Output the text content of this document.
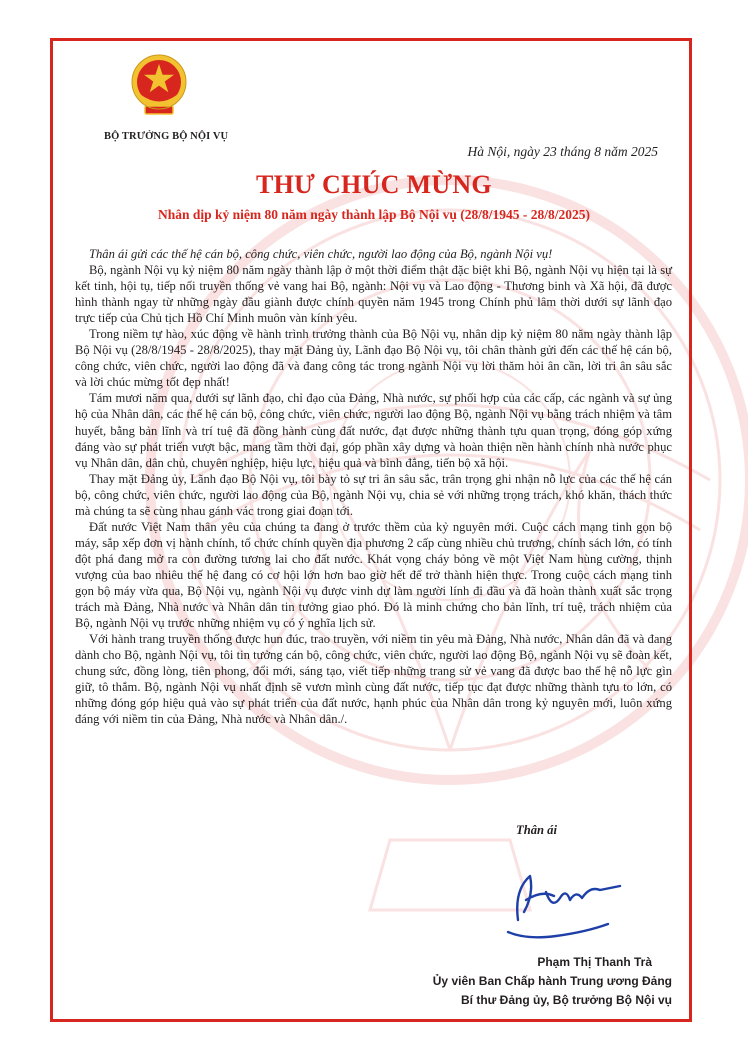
BỘ TRƯỞNG BỘ NỘI VỤ
Hà Nội, ngày 23 tháng 8 năm 2025
THƯ CHÚC MỪNG
Nhân dịp kỷ niệm 80 năm ngày thành lập Bộ Nội vụ (28/8/1945 - 28/8/2025)

Thân ái gửi các thế hệ cán bộ, công chức, viên chức, người lao động của Bộ, ngành Nội vụ!

Bộ, ngành Nội vụ kỷ niệm 80 năm ngày thành lập ở một thời điểm thật đặc biệt khi Bộ, ngành Nội vụ hiện tại là sự kết tinh, hội tụ, tiếp nối truyền thống vẻ vang hai Bộ, ngành: Nội vụ và Lao động - Thương binh và Xã hội, đã được hình thành ngay từ những ngày đầu giành được chính quyền năm 1945 trong Chính phủ lâm thời dưới sự lãnh đạo trực tiếp của Chủ tịch Hồ Chí Minh muôn vàn kính yêu.

Trong niềm tự hào, xúc động về hành trình trưởng thành của Bộ Nội vụ, nhân dịp kỷ niệm 80 năm ngày thành lập Bộ Nội vụ (28/8/1945 - 28/8/2025), thay mặt Đảng ủy, Lãnh đạo Bộ Nội vụ, tôi chân thành gửi đến các thế hệ cán bộ, công chức, viên chức, người lao động đã và đang công tác trong ngành Nội vụ lời thăm hỏi ân cần, lời tri ân sâu sắc và lời chúc mừng tốt đẹp nhất!

Tám mươi năm qua, dưới sự lãnh đạo, chỉ đạo của Đảng, Nhà nước, sự phối hợp của các cấp, các ngành và sự ủng hộ của Nhân dân, các thế hệ cán bộ, công chức, viên chức, người lao động Bộ, ngành Nội vụ bằng trách nhiệm và tâm huyết, bằng bản lĩnh và trí tuệ đã đồng hành cùng đất nước, đạt được những thành tựu quan trọng, đóng góp xứng đáng vào sự phát triển vượt bậc, mang tầm thời đại, góp phần xây dựng và hoàn thiện nền hành chính nhà nước phục vụ Nhân dân, dân chủ, chuyên nghiệp, hiệu lực, hiệu quả và bình đẳng, tiến bộ xã hội.

Thay mặt Đảng ủy, Lãnh đạo Bộ Nội vụ, tôi bày tỏ sự tri ân sâu sắc, trân trọng ghi nhận nỗ lực của các thế hệ cán bộ, công chức, viên chức, người lao động của Bộ, ngành Nội vụ, chia sẻ với những trọng trách, khó khăn, thách thức mà chúng ta sẽ cùng nhau gánh vác trong giai đoạn tới.

Đất nước Việt Nam thân yêu của chúng ta đang ở trước thềm của kỷ nguyên mới. Cuộc cách mạng tinh gọn bộ máy, sắp xếp đơn vị hành chính, tổ chức chính quyền địa phương 2 cấp cùng nhiều chủ trương, chính sách lớn, có tính đột phá đang mở ra con đường tương lai cho đất nước. Khát vọng cháy bỏng về một Việt Nam hùng cường, thịnh vượng của bao nhiêu thế hệ đang có cơ hội lớn hơn bao giờ hết để trở thành hiện thực. Trong cuộc cách mạng tinh gọn bộ máy vừa qua, Bộ Nội vụ, ngành Nội vụ được vinh dự làm người lính đi đầu và đã hoàn thành xuất sắc trọng trách mà Đảng, Nhà nước và Nhân dân tin tưởng giao phó. Đó là minh chứng cho bản lĩnh, trí tuệ, trách nhiệm của Bộ, ngành Nội vụ trước những nhiệm vụ có ý nghĩa lịch sử.

Với hành trang truyền thống được hun đúc, trao truyền, với niềm tin yêu mà Đảng, Nhà nước, Nhân dân đã và đang dành cho Bộ, ngành Nội vụ, tôi tin tưởng cán bộ, công chức, viên chức, người lao động Bộ, ngành Nội vụ sẽ đoàn kết, chung sức, đồng lòng, tiên phong, đổi mới, sáng tạo, viết tiếp những trang sử vẻ vang đã được bao thế hệ nỗ lực gìn giữ, tô thắm. Bộ, ngành Nội vụ nhất định sẽ vươn mình cùng đất nước, tiếp tục đạt được những thành tựu to lớn, có những đóng góp hiệu quả vào sự phát triển của đất nước, hạnh phúc của Nhân dân trong kỷ nguyên mới, luôn xứng đáng với niềm tin của Đảng, Nhà nước và Nhân dân./.

Thân ái
Phạm Thị Thanh Trà
Ủy viên Ban Chấp hành Trung ương Đảng
Bí thư Đảng ủy, Bộ trưởng Bộ Nội vụ
